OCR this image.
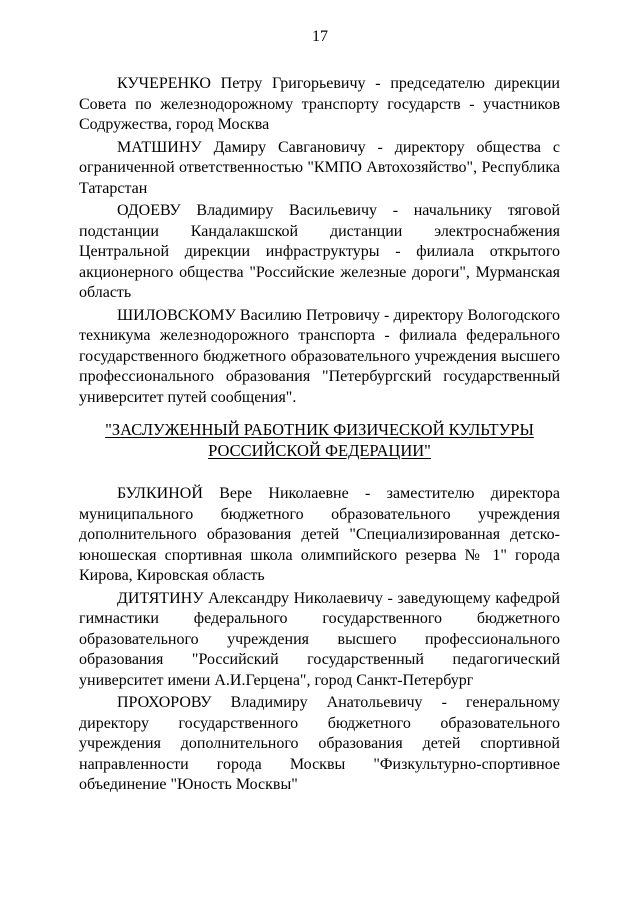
17

КУЧЕРЕНКО Петру Григорьевичу - председателю дирекции Совета по железнодорожному транспорту государств - участников Содружества, город Москва

МАТШИНУ Дамиру Савгановичу - директору общества с ограниченной ответственностью "КМПО Автохозяйство", Республика Татарстан

ОДОЕВУ Владимиру Васильевичу - начальнику тяговой подстанции Кандалакшской дистанции электроснабжения Центральной дирекции инфраструктуры - филиала открытого акционерного общества "Российские железные дороги", Мурманская область

ШИЛОВСКОМУ Василию Петровичу - директору Вологодского техникума железнодорожного транспорта - филиала федерального государственного бюджетного образовательного учреждения высшего профессионального образования "Петербургский государственный университет путей сообщения".

"ЗАСЛУЖЕННЫЙ РАБОТНИК ФИЗИЧЕСКОЙ КУЛЬТУРЫ
РОССИЙСКОЙ ФЕДЕРАЦИИ"

БУЛКИНОЙ Вере Николаевне - заместителю директора муниципального бюджетного образовательного учреждения дополнительного образования детей "Специализированная детско-юношеская спортивная школа олимпийского резерва № 1" города Кирова, Кировская область

ДИТЯТИНУ Александру Николаевичу - заведующему кафедрой гимнастики федерального государственного бюджетного образовательного учреждения высшего профессионального образования "Российский государственный педагогический университет имени А.И.Герцена", город Санкт-Петербург

ПРОХОРОВУ Владимиру Анатольевичу - генеральному директору государственного бюджетного образовательного учреждения дополнительного образования детей спортивной направленности города Москвы "Физкультурно-спортивное объединение "Юность Москвы"
